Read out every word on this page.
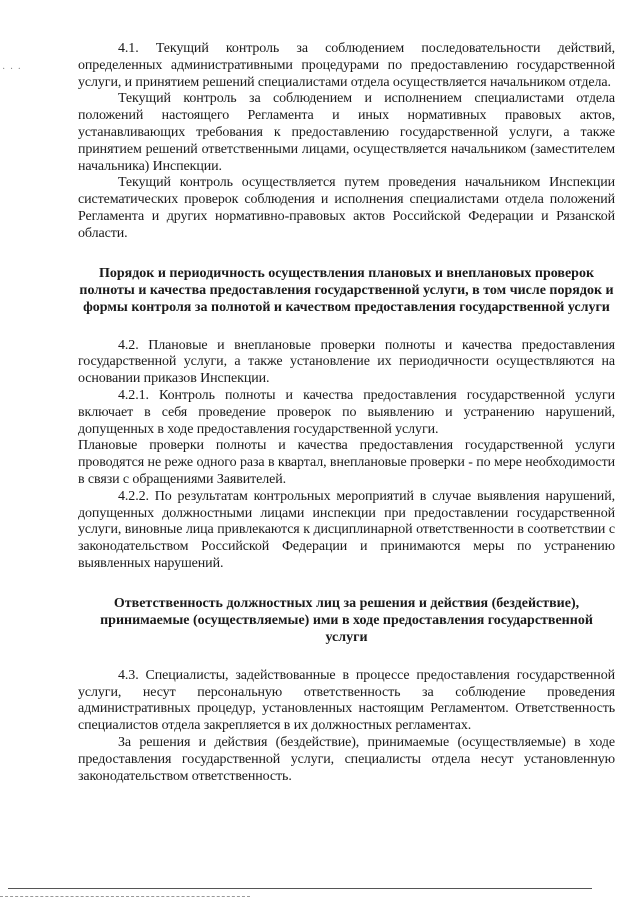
· · ·

4.1. Текущий контроль за соблюдением последовательности действий, определенных административными процедурами по предоставлению государственной услуги, и принятием решений специалистами отдела осуществляется начальником отдела.

Текущий контроль за соблюдением и исполнением специалистами отдела положений настоящего Регламента и иных нормативных правовых актов, устанавливающих требования к предоставлению государственной услуги, а также принятием решений ответственными лицами, осуществляется начальником (заместителем начальника) Инспекции.

Текущий контроль осуществляется путем проведения начальником Инспекции систематических проверок соблюдения и исполнения специалистами отдела положений Регламента и других нормативно-правовых актов Российской Федерации и Рязанской области.

Порядок и периодичность осуществления плановых и внеплановых проверок полноты и качества предоставления государственной услуги, в том числе порядок и формы контроля за полнотой и качеством предоставления государственной услуги

4.2. Плановые и внеплановые проверки полноты и качества предоставления государственной услуги, а также установление их периодичности осуществляются на основании приказов Инспекции.

4.2.1. Контроль полноты и качества предоставления государственной услуги включает в себя проведение проверок по выявлению и устранению нарушений, допущенных в ходе предоставления государственной услуги.

Плановые проверки полноты и качества предоставления государственной услуги проводятся не реже одного раза в квартал, внеплановые проверки - по мере необходимости в связи с обращениями Заявителей.

4.2.2. По результатам контрольных мероприятий в случае выявления нарушений, допущенных должностными лицами инспекции при предоставлении государственной услуги, виновные лица привлекаются к дисциплинарной ответственности в соответствии с законодательством Российской Федерации и принимаются меры по устранению выявленных нарушений.

Ответственность должностных лиц за решения и действия (бездействие), принимаемые (осуществляемые) ими в ходе предоставления государственной услуги

4.3. Специалисты, задействованные в процессе предоставления государственной услуги, несут персональную ответственность за соблюдение проведения административных процедур, установленных настоящим Регламентом. Ответственность специалистов отдела закрепляется в их должностных регламентах.

За решения и действия (бездействие), принимаемые (осуществляемые) в ходе предоставления государственной услуги, специалисты отдела несут установленную законодательством ответственность.
